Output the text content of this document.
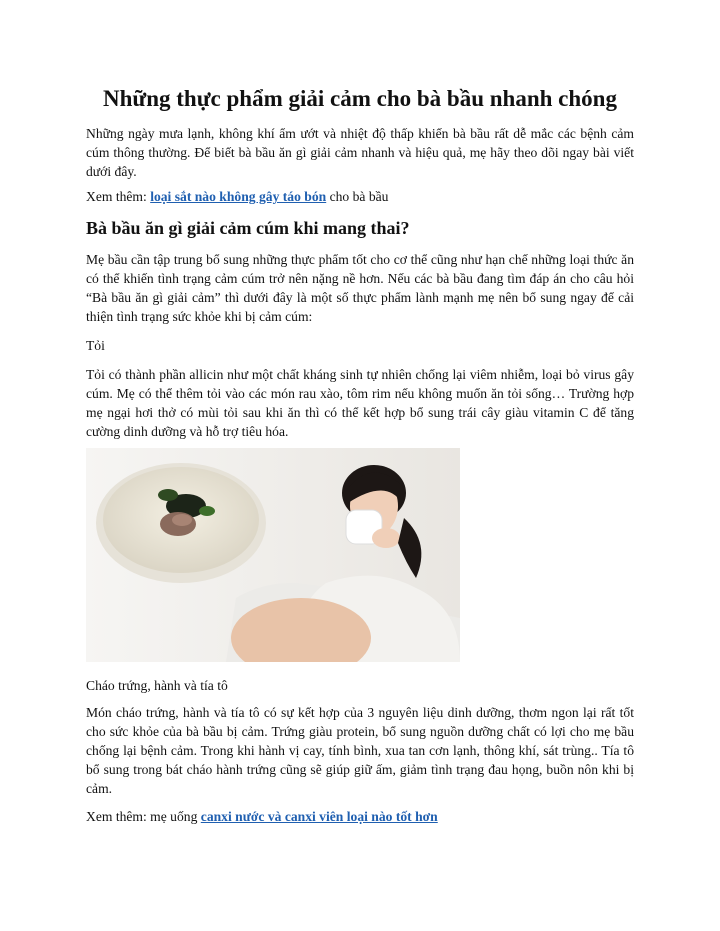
Những thực phẩm giải cảm cho bà bầu nhanh chóng

Những ngày mưa lạnh, không khí ẩm ướt và nhiệt độ thấp khiến bà bầu rất dễ mắc các bệnh cảm cúm thông thường. Để biết bà bầu ăn gì giải cảm nhanh và hiệu quả, mẹ hãy theo dõi ngay bài viết dưới đây.

Xem thêm: loại sắt nào không gây táo bón cho bà bầu

Bà bầu ăn gì giải cảm cúm khi mang thai?

Mẹ bầu cần tập trung bổ sung những thực phẩm tốt cho cơ thể cũng như hạn chế những loại thức ăn có thể khiến tình trạng cảm cúm trở nên nặng nề hơn. Nếu các bà bầu đang tìm đáp án cho câu hỏi “Bà bầu ăn gì giải cảm” thì dưới đây là một số thực phẩm lành mạnh mẹ nên bổ sung ngay để cải thiện tình trạng sức khỏe khi bị cảm cúm:

Tỏi

Tỏi có thành phần allicin như một chất kháng sinh tự nhiên chống lại viêm nhiễm, loại bỏ virus gây cúm. Mẹ có thể thêm tỏi vào các món rau xào, tôm rim nếu không muốn ăn tỏi sống… Trường hợp mẹ ngại hơi thở có mùi tỏi sau khi ăn thì có thể kết hợp bổ sung trái cây giàu vitamin C để tăng cường dinh dưỡng và hỗ trợ tiêu hóa.

Cháo trứng, hành và tía tô

Món cháo trứng, hành và tía tô có sự kết hợp của 3 nguyên liệu dinh dưỡng, thơm ngon lại rất tốt cho sức khỏe của bà bầu bị cảm. Trứng giàu protein, bổ sung nguồn dưỡng chất có lợi cho mẹ bầu chống lại bệnh cảm. Trong khi hành vị cay, tính bình, xua tan cơn lạnh, thông khí, sát trùng.. Tía tô bổ sung trong bát cháo hành trứng cũng sẽ giúp giữ ấm, giảm tình trạng đau họng, buồn nôn khi bị cảm.

Xem thêm: mẹ uống canxi nước và canxi viên loại nào tốt hơn
